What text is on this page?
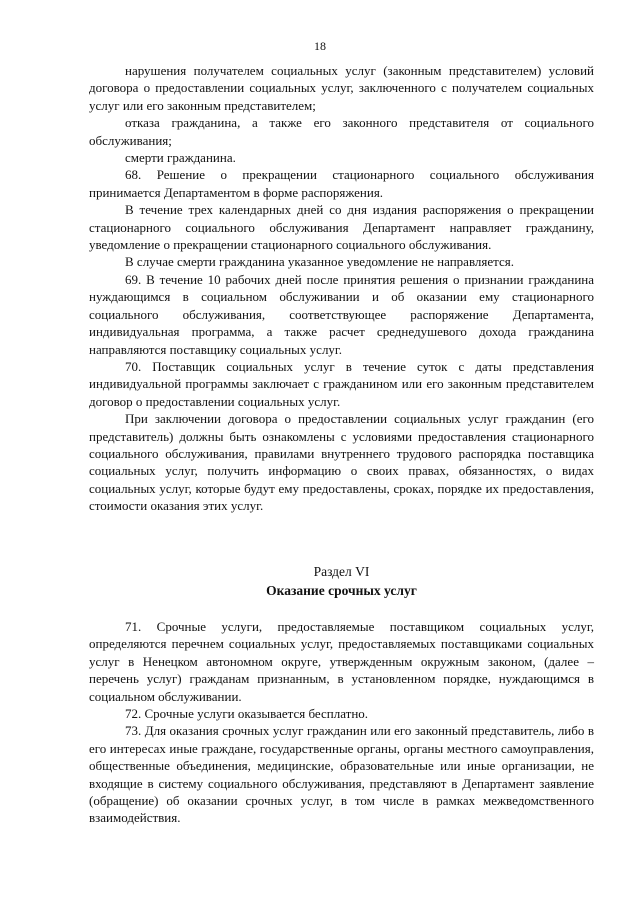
18

нарушения получателем социальных услуг (законным представителем) условий договора о предоставлении социальных услуг, заключенного с получателем социальных услуг или его законным представителем;

отказа гражданина, а также его законного представителя от социального обслуживания;

смерти гражданина.

68. Решение о прекращении стационарного социального обслуживания принимается Департаментом в форме распоряжения.

В течение трех календарных дней со дня издания распоряжения о прекращении стационарного социального обслуживания Департамент направляет гражданину, уведомление о прекращении стационарного социального обслуживания.

В случае смерти гражданина указанное уведомление не направляется.

69. В течение 10 рабочих дней после принятия решения о признании гражданина нуждающимся в социальном обслуживании и об оказании ему стационарного социального обслуживания, соответствующее распоряжение Департамента, индивидуальная программа, а также расчет среднедушевого дохода гражданина направляются поставщику социальных услуг.

70. Поставщик социальных услуг в течение суток с даты представления индивидуальной программы заключает с гражданином или его законным представителем договор о предоставлении социальных услуг.

При заключении договора о предоставлении социальных услуг гражданин (его представитель) должны быть ознакомлены с условиями предоставления стационарного социального обслуживания, правилами внутреннего трудового распорядка поставщика социальных услуг, получить информацию о своих правах, обязанностях, о видах социальных услуг, которые будут ему предоставлены, сроках, порядке их предоставления, стоимости оказания этих услуг.

Раздел VI
Оказание срочных услуг

71. Срочные услуги, предоставляемые поставщиком социальных услуг, определяются перечнем социальных услуг, предоставляемых поставщиками социальных услуг в Ненецком автономном округе, утвержденным окружным законом, (далее – перечень услуг) гражданам признанным, в установленном порядке, нуждающимся в социальном обслуживании.

72. Срочные услуги оказывается бесплатно.

73. Для оказания срочных услуг гражданин или его законный представитель, либо в его интересах иные граждане, государственные органы, органы местного самоуправления, общественные объединения, медицинские, образовательные или иные организации, не входящие в систему социального обслуживания, представляют в Департамент заявление (обращение) об оказании срочных услуг, в том числе в рамках межведомственного взаимодействия.
